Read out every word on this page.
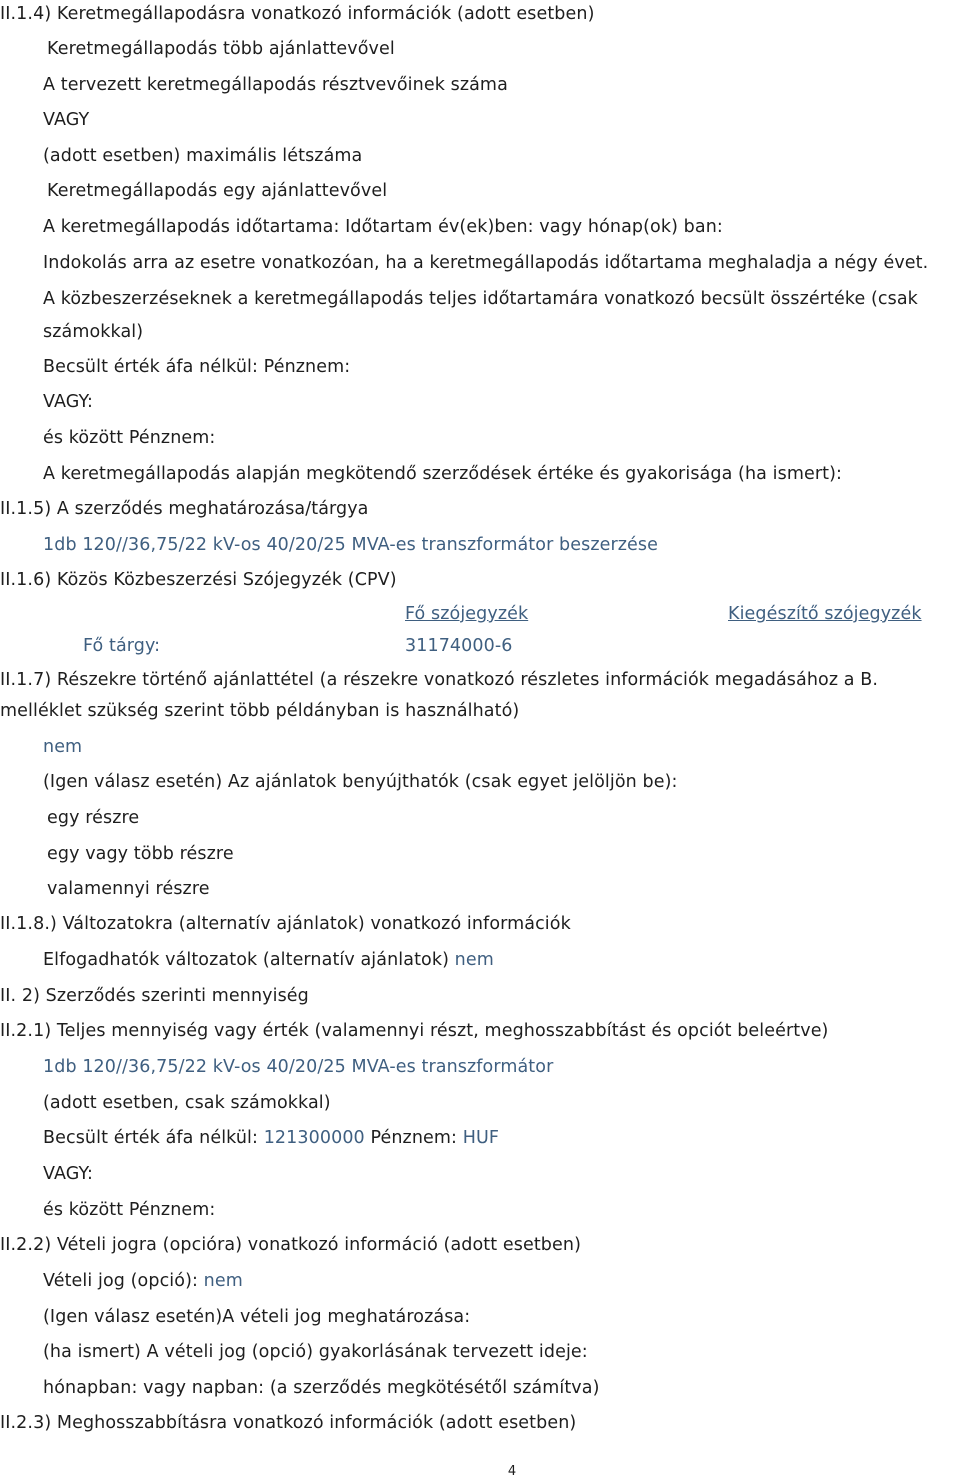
II.1.4) Keretmegállapodásra vonatkozó információk (adott esetben)
Keretmegállapodás több ajánlattevővel
A tervezett keretmegállapodás résztvevőinek száma
VAGY
(adott esetben) maximális létszáma
Keretmegállapodás egy ajánlattevővel
A keretmegállapodás időtartama: Időtartam év(ek)ben: vagy hónap(ok) ban:
Indokolás arra az esetre vonatkozóan, ha a keretmegállapodás időtartama meghaladja a négy évet.
A közbeszerzéseknek a keretmegállapodás teljes időtartamára vonatkozó becsült összértéke (csak
számokkal)
Becsült érték áfa nélkül: Pénznem:
VAGY:
és között Pénznem:
A keretmegállapodás alapján megkötendő szerződések értéke és gyakorisága (ha ismert):
II.1.5) A szerződés meghatározása/tárgya
1db 120//36,75/22 kV-os 40/20/25 MVA-es transzformátor beszerzése
II.1.6) Közös Közbeszerzési Szójegyzék (CPV)
Fő szójegyzék	Kiegészítő szójegyzék
Fő tárgy:	31174000-6
II.1.7) Részekre történő ajánlattétel (a részekre vonatkozó részletes információk megadásához a B.
melléklet szükség szerint több példányban is használható)
nem
(Igen válasz esetén) Az ajánlatok benyújthatók (csak egyet jelöljön be):
egy részre
egy vagy több részre
valamennyi részre
II.1.8.) Változatokra (alternatív ajánlatok) vonatkozó információk
Elfogadhatók változatok (alternatív ajánlatok) nem
II. 2) Szerződés szerinti mennyiség
II.2.1) Teljes mennyiség vagy érték (valamennyi részt, meghosszabbítást és opciót beleértve)
1db 120//36,75/22 kV-os 40/20/25 MVA-es transzformátor
(adott esetben, csak számokkal)
Becsült érték áfa nélkül: 121300000 Pénznem: HUF
VAGY:
és között Pénznem:
II.2.2) Vételi jogra (opcióra) vonatkozó információ (adott esetben)
Vételi jog (opció): nem
(Igen válasz esetén)A vételi jog meghatározása:
(ha ismert) A vételi jog (opció) gyakorlásának tervezett ideje:
hónapban: vagy napban: (a szerződés megkötésétől számítva)
II.2.3) Meghosszabbításra vonatkozó információk (adott esetben)
4
